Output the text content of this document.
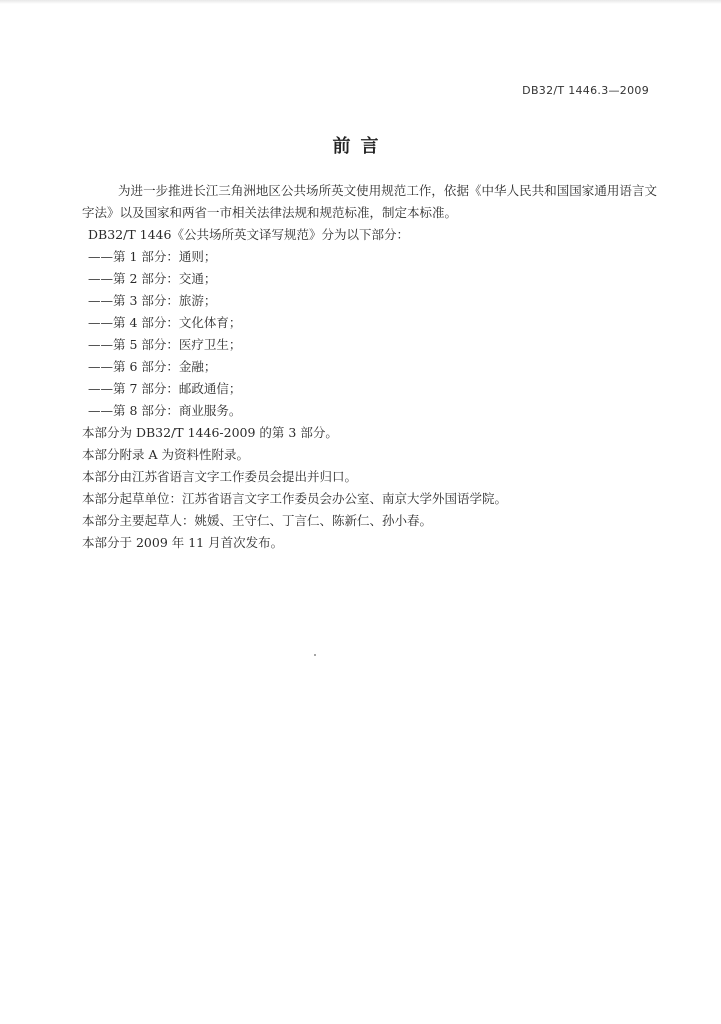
DB32/T 1446.3—2009
前言

为进一步推进长江三角洲地区公共场所英文使用规范工作，依据《中华人民共和国国家通用语言文字法》以及国家和两省一市相关法律法规和规范标准，制定本标准。

DB32/T 1446《公共场所英文译写规范》分为以下部分：

——第 1 部分：通则；

——第 2 部分：交通；

——第 3 部分：旅游；

——第 4 部分：文化体育；

——第 5 部分：医疗卫生；

——第 6 部分：金融；

——第 7 部分：邮政通信；

——第 8 部分：商业服务。

本部分为 DB32/T 1446-2009 的第 3 部分。

本部分附录 A 为资料性附录。

本部分由江苏省语言文字工作委员会提出并归口。

本部分起草单位：江苏省语言文字工作委员会办公室、南京大学外国语学院。

本部分主要起草人：姚媛、王守仁、丁言仁、陈新仁、孙小春。

本部分于 2009 年 11 月首次发布。
